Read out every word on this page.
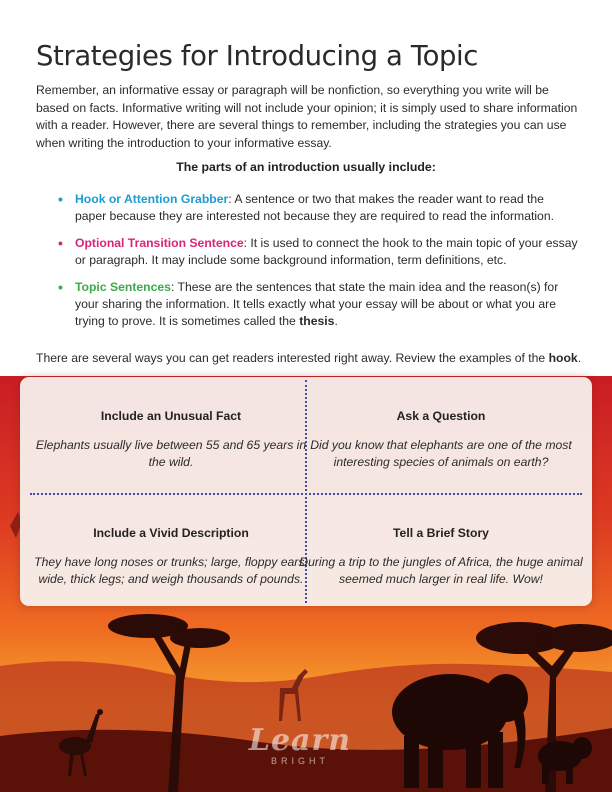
Strategies for Introducing a Topic

Remember, an informative essay or paragraph will be nonfiction, so everything you write will be based on facts. Informative writing will not include your opinion; it is simply used to share information with a reader. However, there are several things to remember, including the strategies you can use when writing the introduction to your informative essay.

The parts of an introduction usually include:

• Hook or Attention Grabber: A sentence or two that makes the reader want to read the paper because they are interested not because they are required to read the information.
• Optional Transition Sentence: It is used to connect the hook to the main topic of your essay or paragraph. It may include some background information, term definitions, etc.
• Topic Sentences: These are the sentences that state the main idea and the reason(s) for your sharing the information. It tells exactly what your essay will be about or what you are trying to prove. It is sometimes called the thesis.

There are several ways you can get readers interested right away. Review the examples of the hook.

Include an Unusual Fact

Elephants usually live between 55 and 65 years in the wild.

Ask a Question

Did you know that elephants are one of the most interesting species of animals on earth?

Include a Vivid Description

They have long noses or trunks; large, floppy ears; wide, thick legs; and weigh thousands of pounds.

Tell a Brief Story

During a trip to the jungles of Africa, the huge animal seemed much larger in real life. Wow!

Learn
BRIGHT
